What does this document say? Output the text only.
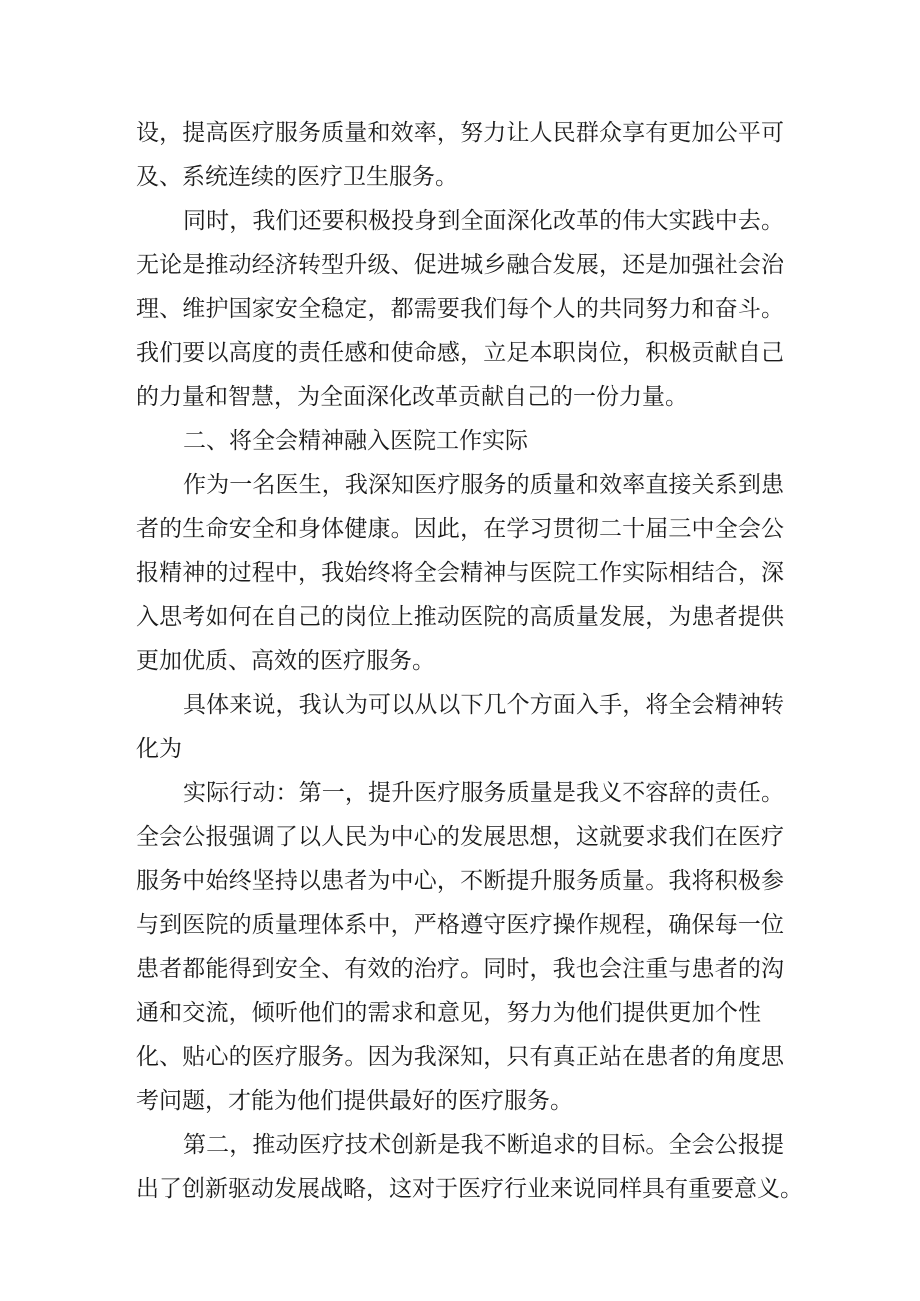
设，提高医疗服务质量和效率，努力让人民群众享有更加公平可
及、系统连续的医疗卫生服务。
同时，我们还要积极投身到全面深化改革的伟大实践中去。
无论是推动经济转型升级、促进城乡融合发展，还是加强社会治
理、维护国家安全稳定，都需要我们每个人的共同努力和奋斗。
我们要以高度的责任感和使命感，立足本职岗位，积极贡献自己
的力量和智慧，为全面深化改革贡献自己的一份力量。
二、将全会精神融入医院工作实际
作为一名医生，我深知医疗服务的质量和效率直接关系到患
者的生命安全和身体健康。因此，在学习贯彻二十届三中全会公
报精神的过程中，我始终将全会精神与医院工作实际相结合，深
入思考如何在自己的岗位上推动医院的高质量发展，为患者提供
更加优质、高效的医疗服务。
具体来说，我认为可以从以下几个方面入手，将全会精神转
化为
实际行动：第一，提升医疗服务质量是我义不容辞的责任。
全会公报强调了以人民为中心的发展思想，这就要求我们在医疗
服务中始终坚持以患者为中心，不断提升服务质量。我将积极参
与到医院的质量理体系中，严格遵守医疗操作规程，确保每一位
患者都能得到安全、有效的治疗。同时，我也会注重与患者的沟
通和交流，倾听他们的需求和意见，努力为他们提供更加个性
化、贴心的医疗服务。因为我深知，只有真正站在患者的角度思
考问题，才能为他们提供最好的医疗服务。
第二，推动医疗技术创新是我不断追求的目标。全会公报提
出了创新驱动发展战略，这对于医疗行业来说同样具有重要意义。
